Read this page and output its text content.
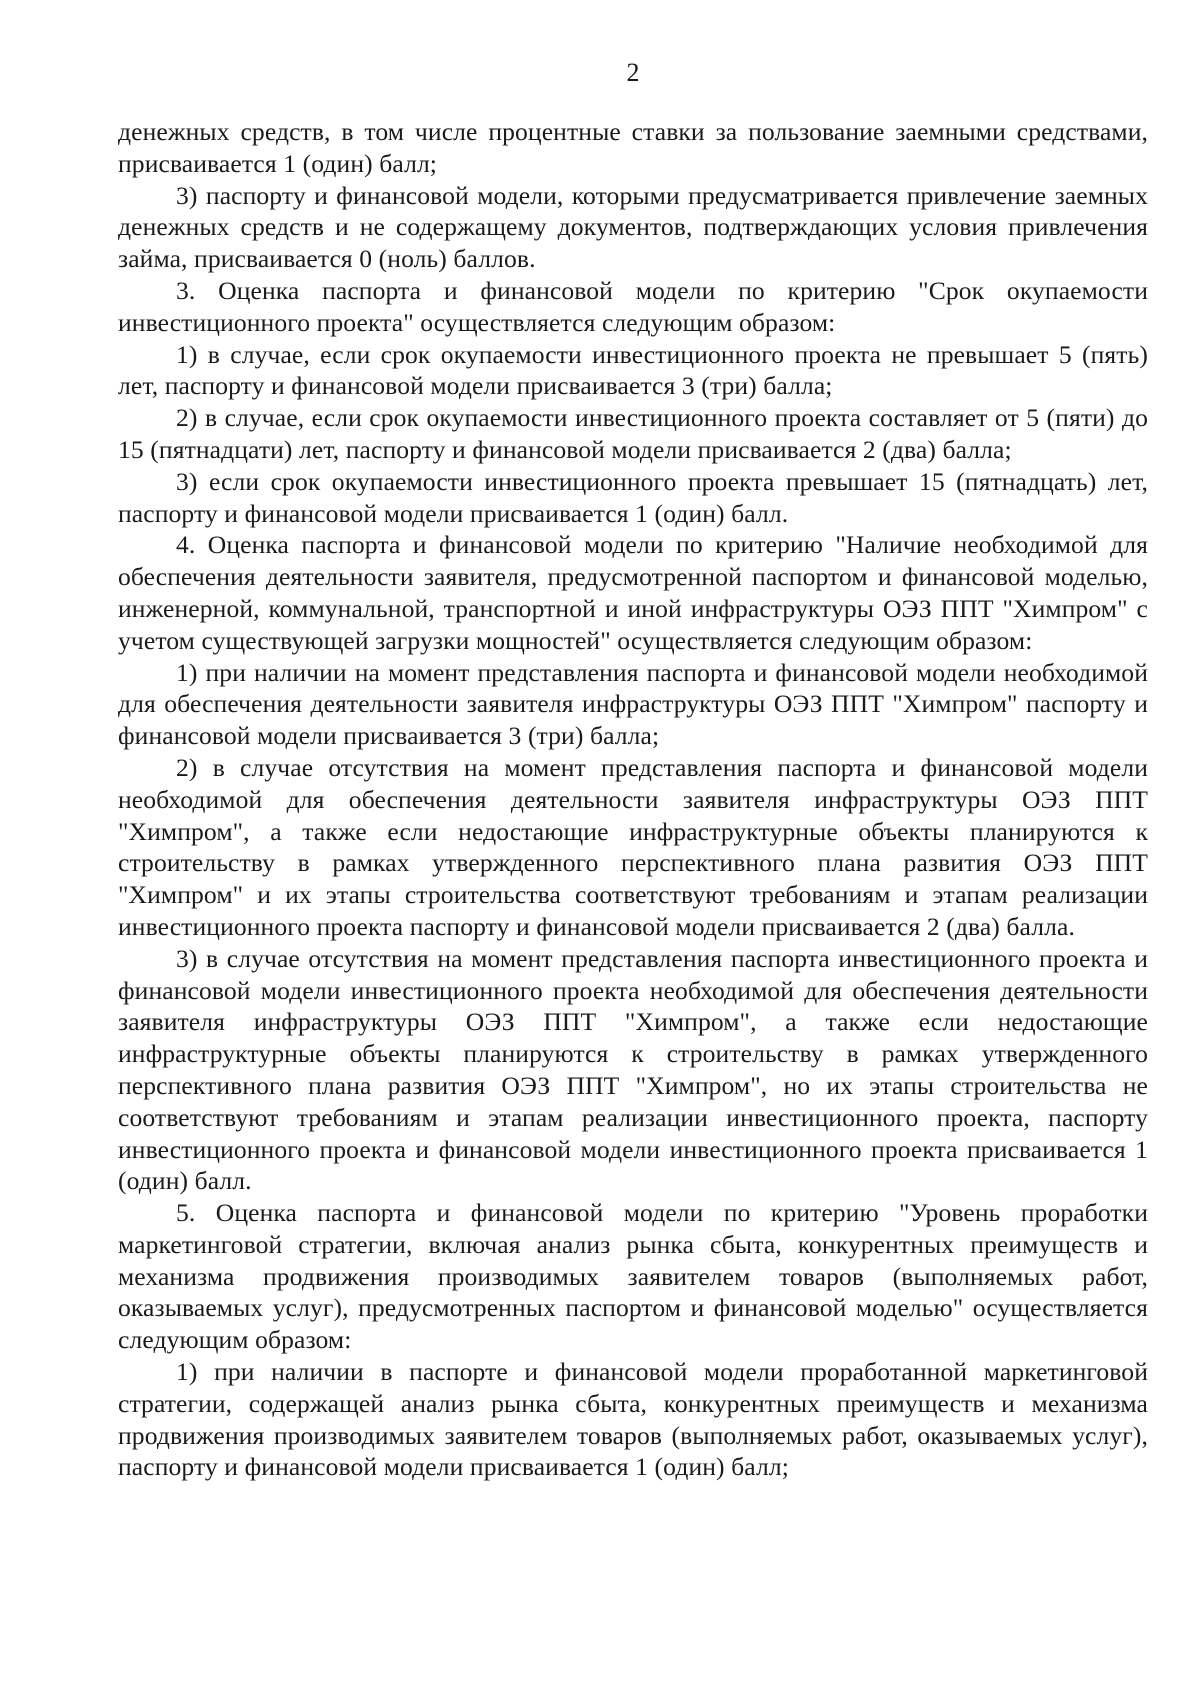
2

денежных средств, в том числе процентные ставки за пользование заемными средствами, присваивается 1 (один) балл;

3) паспорту и финансовой модели, которыми предусматривается привлечение заемных денежных средств и не содержащему документов, подтверждающих условия привлечения займа, присваивается 0 (ноль) баллов.

3. Оценка паспорта и финансовой модели по критерию "Срок окупаемости инвестиционного проекта" осуществляется следующим образом:

1) в случае, если срок окупаемости инвестиционного проекта не превышает 5 (пять) лет, паспорту и финансовой модели присваивается 3 (три) балла;

2) в случае, если срок окупаемости инвестиционного проекта составляет от 5 (пяти) до 15 (пятнадцати) лет, паспорту и финансовой модели присваивается 2 (два) балла;

3) если срок окупаемости инвестиционного проекта превышает 15 (пятнадцать) лет, паспорту и финансовой модели присваивается 1 (один) балл.

4. Оценка паспорта и финансовой модели по критерию "Наличие необходимой для обеспечения деятельности заявителя, предусмотренной паспортом и финансовой моделью, инженерной, коммунальной, транспортной и иной инфраструктуры ОЭЗ ППТ "Химпром" с учетом существующей загрузки мощностей" осуществляется следующим образом:

1) при наличии на момент представления паспорта и финансовой модели необходимой для обеспечения деятельности заявителя инфраструктуры ОЭЗ ППТ "Химпром" паспорту и финансовой модели присваивается 3 (три) балла;

2) в случае отсутствия на момент представления паспорта и финансовой модели необходимой для обеспечения деятельности заявителя инфраструктуры ОЭЗ ППТ "Химпром", а также если недостающие инфраструктурные объекты планируются к строительству в рамках утвержденного перспективного плана развития ОЭЗ ППТ "Химпром" и их этапы строительства соответствуют требованиям и этапам реализации инвестиционного проекта паспорту и финансовой модели присваивается 2 (два) балла.

3) в случае отсутствия на момент представления паспорта инвестиционного проекта и финансовой модели инвестиционного проекта необходимой для обеспечения деятельности заявителя инфраструктуры ОЭЗ ППТ "Химпром", а также если недостающие инфраструктурные объекты планируются к строительству в рамках утвержденного перспективного плана развития ОЭЗ ППТ "Химпром", но их этапы строительства не соответствуют требованиям и этапам реализации инвестиционного проекта, паспорту инвестиционного проекта и финансовой модели инвестиционного проекта присваивается 1 (один) балл.

5. Оценка паспорта и финансовой модели по критерию "Уровень проработки маркетинговой стратегии, включая анализ рынка сбыта, конкурентных преимуществ и механизма продвижения производимых заявителем товаров (выполняемых работ, оказываемых услуг), предусмотренных паспортом и финансовой моделью" осуществляется следующим образом:

1) при наличии в паспорте и финансовой модели проработанной маркетинговой стратегии, содержащей анализ рынка сбыта, конкурентных преимуществ и механизма продвижения производимых заявителем товаров (выполняемых работ, оказываемых услуг), паспорту и финансовой модели присваивается 1 (один) балл;
